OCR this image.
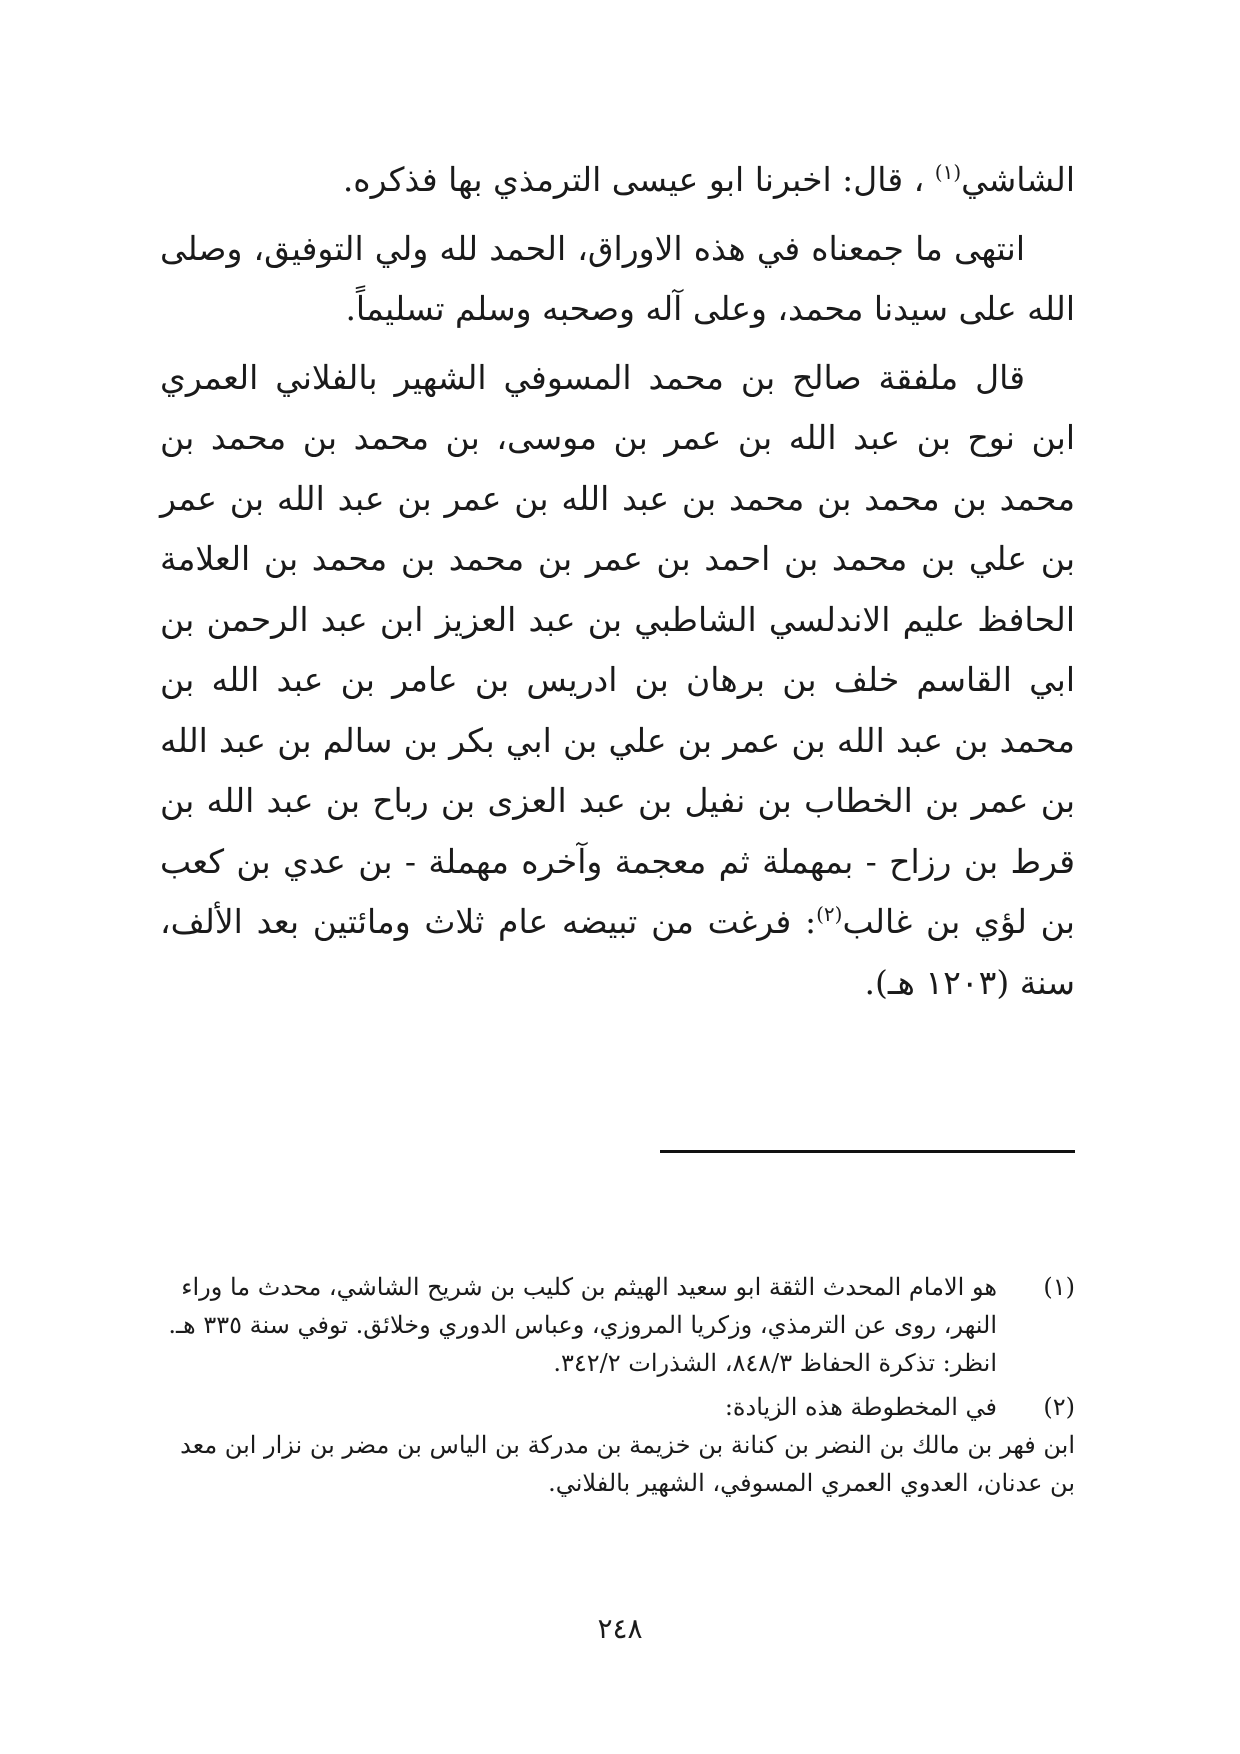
الشاشي$^{(١)}$ ، قال: اخبرنا ابو عيسى الترمذي بها فذكره.

انتهى ما جمعناه في هذه الاوراق، الحمد لله ولي التوفيق، وصلى الله على سيدنا محمد، وعلى آله وصحبه وسلم تسليماً.

قال ملفقة صالح بن محمد المسوفي الشهير بالفلاني العمري ابن نوح بن عبد الله بن عمر بن موسى، بن محمد بن محمد بن محمد بن محمد بن محمد بن عبد الله بن عمر بن عبد الله بن عمر بن علي بن محمد بن احمد بن عمر بن محمد بن محمد بن العلامة الحافظ عليم الاندلسي الشاطبي بن عبد العزيز ابن عبد الرحمن بن ابي القاسم خلف بن برهان بن ادريس بن عامر بن عبد الله بن محمد بن عبد الله بن عمر بن علي بن ابي بكر بن سالم بن عبد الله بن عمر بن الخطاب بن نفيل بن عبد العزى بن رباح بن عبد الله بن قرط بن رزاح - بمهملة ثم معجمة وآخره مهملة - بن عدي بن كعب بن لؤي بن غالب$^{(٢)}$: فرغت من تبيضه عام ثلاث ومائتين بعد الألف، سنة (١٢٠٣ هـ).

(١)

هو الامام المحدث الثقة ابو سعيد الهيثم بن كليب بن شريح الشاشي، محدث ما وراء النهر، روى عن الترمذي، وزكريا المروزي، وعباس الدوري وخلائق. توفي سنة ٣٣٥ هـ.

انظر: تذكرة الحفاظ ٨٤٨/٣، الشذرات ٣٤٢/٢.

(٢)

في المخطوطة هذه الزيادة:

ابن فهر بن مالك بن النضر بن كنانة بن خزيمة بن مدركة بن الياس بن مضر بن نزار ابن معد بن عدنان، العدوي العمري المسوفي، الشهير بالفلاني.

٢٤٨
